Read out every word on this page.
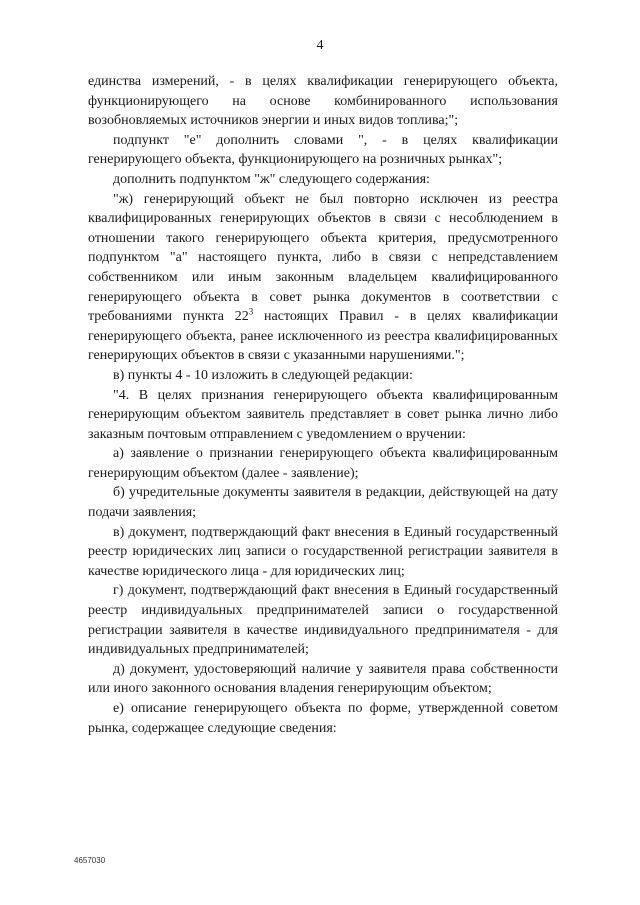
4

единства измерений, - в целях квалификации генерирующего объекта, функционирующего на основе комбинированного использования возобновляемых источников энергии и иных видов топлива;";

подпункт "е" дополнить словами ", - в целях квалификации генерирующего объекта, функционирующего на розничных рынках";

дополнить подпунктом "ж" следующего содержания:

"ж) генерирующий объект не был повторно исключен из реестра квалифицированных генерирующих объектов в связи с несоблюдением в отношении такого генерирующего объекта критерия, предусмотренного подпунктом "а" настоящего пункта, либо в связи с непредставлением собственником или иным законным владельцем квалифицированного генерирующего объекта в совет рынка документов в соответствии с требованиями пункта $22^3$ настоящих Правил - в целях квалификации генерирующего объекта, ранее исключенного из реестра квалифицированных генерирующих объектов в связи с указанными нарушениями.";

в) пункты 4 - 10 изложить в следующей редакции:

"4. В целях признания генерирующего объекта квалифицированным генерирующим объектом заявитель представляет в совет рынка лично либо заказным почтовым отправлением с уведомлением о вручении:

а) заявление о признании генерирующего объекта квалифицированным генерирующим объектом (далее - заявление);

б) учредительные документы заявителя в редакции, действующей на дату подачи заявления;

в) документ, подтверждающий факт внесения в Единый государственный реестр юридических лиц записи о государственной регистрации заявителя в качестве юридического лица - для юридических лиц;

г) документ, подтверждающий факт внесения в Единый государственный реестр индивидуальных предпринимателей записи о государственной регистрации заявителя в качестве индивидуального предпринимателя - для индивидуальных предпринимателей;

д) документ, удостоверяющий наличие у заявителя права собственности или иного законного основания владения генерирующим объектом;

е) описание генерирующего объекта по форме, утвержденной советом рынка, содержащее следующие сведения:

4657030
